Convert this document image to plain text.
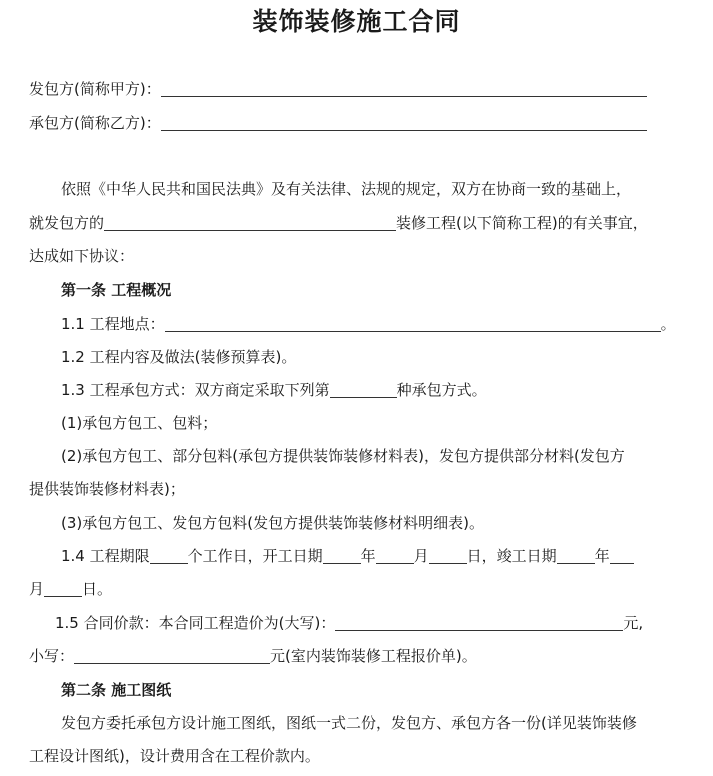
装饰装修施工合同
发包方(简称甲方)：
承包方(简称乙方)：
依照《中华人民共和国民法典》及有关法律、法规的规定，双方在协商一致的基础上，
就发包方的	装修工程(以下简称工程)的有关事宜，
达成如下协议：
第一条 工程概况
1.1 工程地点：	。
1.2 工程内容及做法(装修预算表)。
1.3 工程承包方式：双方商定采取下列第	种承包方式。
(1)承包方包工、包料；
(2)承包方包工、部分包料(承包方提供装饰装修材料表)，发包方提供部分材料(发包方
提供装饰装修材料表)；
(3)承包方包工、发包方包料(发包方提供装饰装修材料明细表)。
1.4 工程期限	个工作日，开工日期	年	月	日，竣工日期	年
月	日。
1.5 合同价款：本合同工程造价为(大写)：	元,
小写：	元(室内装饰装修工程报价单)。
第二条 施工图纸
发包方委托承包方设计施工图纸，图纸一式二份，发包方、承包方各一份(详见装饰装修
工程设计图纸)，设计费用含在工程价款内。
